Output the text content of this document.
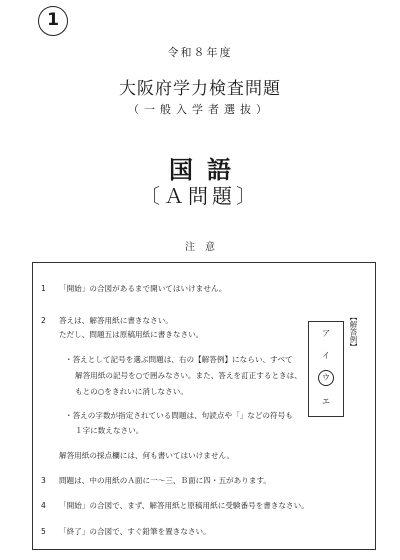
1
令和８年度
大阪府学力検査問題
（一般入学者選抜）
国語
〔Ａ問題〕
注意
1	「開始」の合図があるまで開いてはいけません。
2	答えは、解答用紙に書きなさい。
ただし、問題五は原稿用紙に書きなさい。
・答えとして記号を選ぶ問題は、右の【解答例】にならい、すべて
解答用紙の記号を○で囲みなさい。また、答えを訂正するときは、
もとの○をきれいに消しなさい。
・答えの字数が指定されている問題は、句読点や「」などの符号も
１字に数えなさい。
解答用紙の採点欄には、何も書いてはいけません。
3	問題は、中の用紙のＡ面に一～三、Ｂ面に四・五があります。
4	「開始」の合図で、まず、解答用紙と原稿用紙に受験番号を書きなさい。
5	「終了」の合図で、すぐ鉛筆を置きなさい。
ア
イ
ウ
エ
【解答例】
